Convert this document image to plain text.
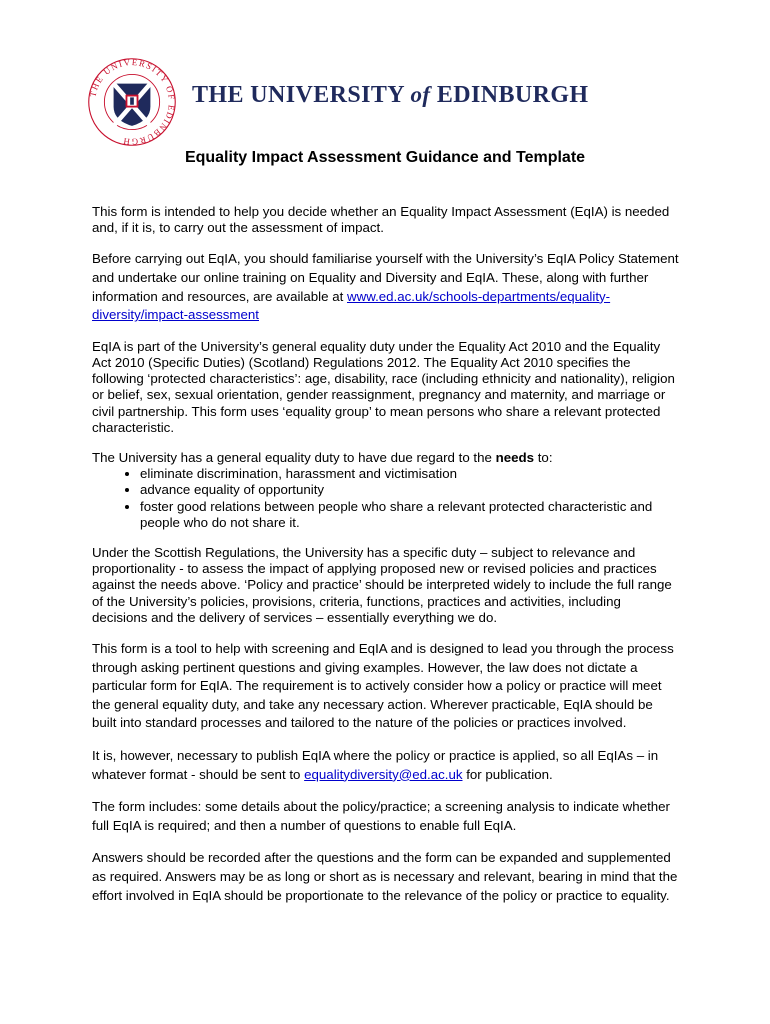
THE UNIVERSITY OF EDINBURGH
THE UNIVERSITY of EDINBURGH
Equality Impact Assessment Guidance and Template

This form is intended to help you decide whether an Equality Impact Assessment (EqIA) is needed and, if it is, to carry out the assessment of impact.

Before carrying out EqIA, you should familiarise yourself with the University’s EqIA Policy Statement and undertake our online training on Equality and Diversity and EqIA. These, along with further information and resources, are available at www.ed.ac.uk/schools-departments/equality-diversity/impact-assessment

EqIA is part of the University’s general equality duty under the Equality Act 2010 and the Equality Act 2010 (Specific Duties) (Scotland) Regulations 2012. The Equality Act 2010 specifies the following ‘protected characteristics’: age, disability, race (including ethnicity and nationality), religion or belief, sex, sexual orientation, gender reassignment, pregnancy and maternity, and marriage or civil partnership. This form uses ‘equality group’ to mean persons who share a relevant protected characteristic.

The University has a general equality duty to have due regard to the needs to:

• eliminate discrimination, harassment and victimisation
• advance equality of opportunity
• foster good relations between people who share a relevant protected characteristic and people who do not share it.

Under the Scottish Regulations, the University has a specific duty – subject to relevance and proportionality - to assess the impact of applying proposed new or revised policies and practices against the needs above. ‘Policy and practice’ should be interpreted widely to include the full range of the University’s policies, provisions, criteria, functions, practices and activities, including decisions and the delivery of services – essentially everything we do.

This form is a tool to help with screening and EqIA and is designed to lead you through the process through asking pertinent questions and giving examples. However, the law does not dictate a particular form for EqIA. The requirement is to actively consider how a policy or practice will meet the general equality duty, and take any necessary action. Wherever practicable, EqIA should be built into standard processes and tailored to the nature of the policies or practices involved.

It is, however, necessary to publish EqIA where the policy or practice is applied, so all EqIAs – in whatever format - should be sent to equalitydiversity@ed.ac.uk for publication.

The form includes: some details about the policy/practice; a screening analysis to indicate whether full EqIA is required; and then a number of questions to enable full EqIA.

Answers should be recorded after the questions and the form can be expanded and supplemented as required. Answers may be as long or short as is necessary and relevant, bearing in mind that the effort involved in EqIA should be proportionate to the relevance of the policy or practice to equality.
